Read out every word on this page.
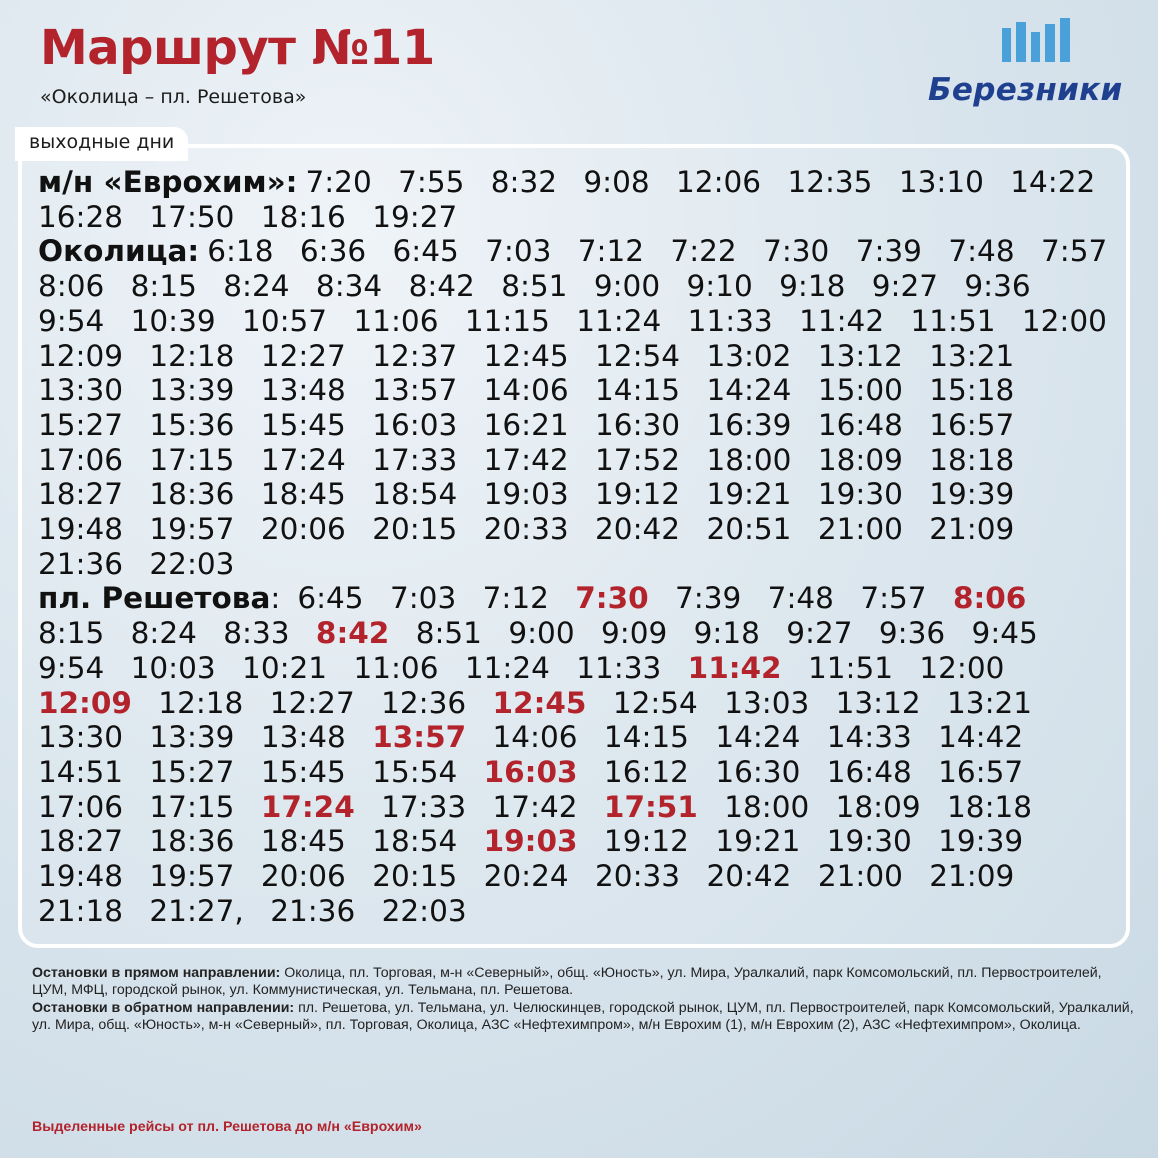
Маршрут №11
«Околица – пл. Решетова»	Березники
выходные дни

м/н «Еврохим»: 7:20 7:55 8:32 9:08 12:06 12:35 13:10 14:22 16:28 17:50 18:16 19:27

Околица: 6:18 6:36 6:45 7:03 7:12 7:22 7:30 7:39 7:48 7:57 8:06 8:15 8:24 8:34 8:42 8:51 9:00 9:10 9:18 9:27 9:36 9:54 10:39 10:57 11:06 11:15 11:24 11:33 11:42 11:51 12:00 12:09 12:18 12:27 12:37 12:45 12:54 13:02 13:12 13:21 13:30 13:39 13:48 13:57 14:06 14:15 14:24 15:00 15:18 15:27 15:36 15:45 16:03 16:21 16:30 16:39 16:48 16:57 17:06 17:15 17:24 17:33 17:42 17:52 18:00 18:09 18:18 18:27 18:36 18:45 18:54 19:03 19:12 19:21 19:30 19:39 19:48 19:57 20:06 20:15 20:33 20:42 20:51 21:00 21:09 21:36 22:03

пл. Решетова: 6:45 7:03 7:12 7:30 7:39 7:48 7:57 8:06 8:15 8:24 8:33 8:42 8:51 9:00 9:09 9:18 9:27 9:36 9:45 9:54 10:03 10:21 11:06 11:24 11:33 11:42 11:51 12:00 12:09 12:18 12:27 12:36 12:45 12:54 13:03 13:12 13:21 13:30 13:39 13:48 13:57 14:06 14:15 14:24 14:33 14:42 14:51 15:27 15:45 15:54 16:03 16:12 16:30 16:48 16:57 17:06 17:15 17:24 17:33 17:42 17:51 18:00 18:09 18:18 18:27 18:36 18:45 18:54 19:03 19:12 19:21 19:30 19:39 19:48 19:57 20:06 20:15 20:24 20:33 20:42 21:00 21:09 21:18 21:27, 21:36 22:03

Остановки в прямом направлении: Околица, пл. Торговая, м-н «Северный», общ. «Юность», ул. Мира, Уралкалий, парк Комсомольский, пл. Первостроителей, ЦУМ, МФЦ, городской рынок, ул. Коммунистическая, ул. Тельмана, пл. Решетова.

Остановки в обратном направлении: пл. Решетова, ул. Тельмана, ул. Челюскинцев, городской рынок, ЦУМ, пл. Первостроителей, парк Комсомольский, Уралкалий, ул. Мира, общ. «Юность», м-н «Северный», пл. Торговая, Околица, АЗС «Нефтехимпром», м/н Еврохим (1), м/н Еврохим (2), АЗС «Нефтехимпром», Околица.

Выделенные рейсы от пл. Решетова до м/н «Еврохим»
